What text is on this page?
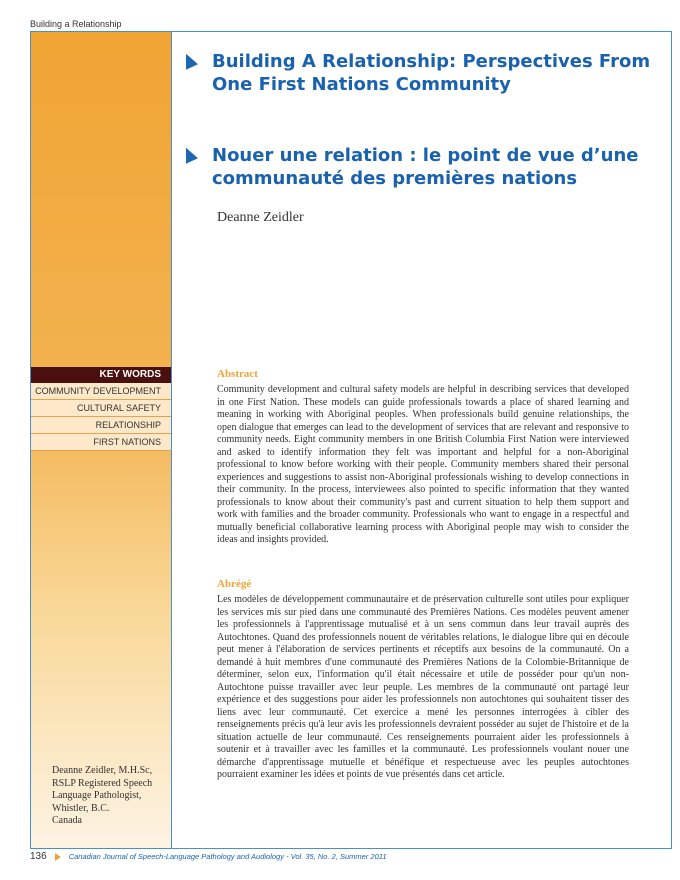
Building a Relationship
Building A Relationship: Perspectives From One First Nations Community
Nouer une relation : le point de vue d’une communauté des premières nations
Deanne Zeidler
KEY WORDS
COMMUNITY DEVELOPMENT
CULTURAL SAFETY
RELATIONSHIP
FIRST NATIONS
Abstract

Community development and cultural safety models are helpful in describing services that developed in one First Nation. These models can guide professionals towards a place of shared learning and meaning in working with Aboriginal peoples. When professionals build genuine relationships, the open dialogue that emerges can lead to the development of services that are relevant and responsive to community needs. Eight community members in one British Columbia First Nation were interviewed and asked to identify information they felt was important and helpful for a non-Aboriginal professional to know before working with their people. Community members shared their personal experiences and suggestions to assist non-Aboriginal professionals wishing to develop connections in their community. In the process, interviewees also pointed to specific information that they wanted professionals to know about their community's past and current situation to help them support and work with families and the broader community. Professionals who want to engage in a respectful and mutually beneficial collaborative learning process with Aboriginal people may wish to consider the ideas and insights provided.

Abrégé

Les modèles de développement communautaire et de préservation culturelle sont utiles pour expliquer les services mis sur pied dans une communauté des Premières Nations. Ces modèles peuvent amener les professionnels à l'apprentissage mutualisé et à un sens commun dans leur travail auprès des Autochtones. Quand des professionnels nouent de véritables relations, le dialogue libre qui en découle peut mener à l'élaboration de services pertinents et réceptifs aux besoins de la communauté. On a demandé à huit membres d'une communauté des Premières Nations de la Colombie-Britannique de déterminer, selon eux, l'information qu'il était nécessaire et utile de posséder pour qu'un non-Autochtone puisse travailler avec leur peuple. Les membres de la communauté ont partagé leur expérience et des suggestions pour aider les professionnels non autochtones qui souhaitent tisser des liens avec leur communauté. Cet exercice a mené les personnes interrogées à cibler des renseignements précis qu'à leur avis les professionnels devraient posséder au sujet de l'histoire et de la situation actuelle de leur communauté. Ces renseignements pourraient aider les professionnels à soutenir et à travailler avec les familles et la communauté. Les professionnels voulant nouer une démarche d'apprentissage mutuelle et bénéfique et respectueuse avec les peuples autochtones pourraient examiner les idées et points de vue présentés dans cet article.

Deanne Zeidler, M.H.Sc,
RSLP Registered Speech
Language Pathologist,
Whistler, B.C.
Canada
136	Canadian Journal of Speech-Language Pathology and Audiology - Vol. 35, No. 2, Summer 2011
